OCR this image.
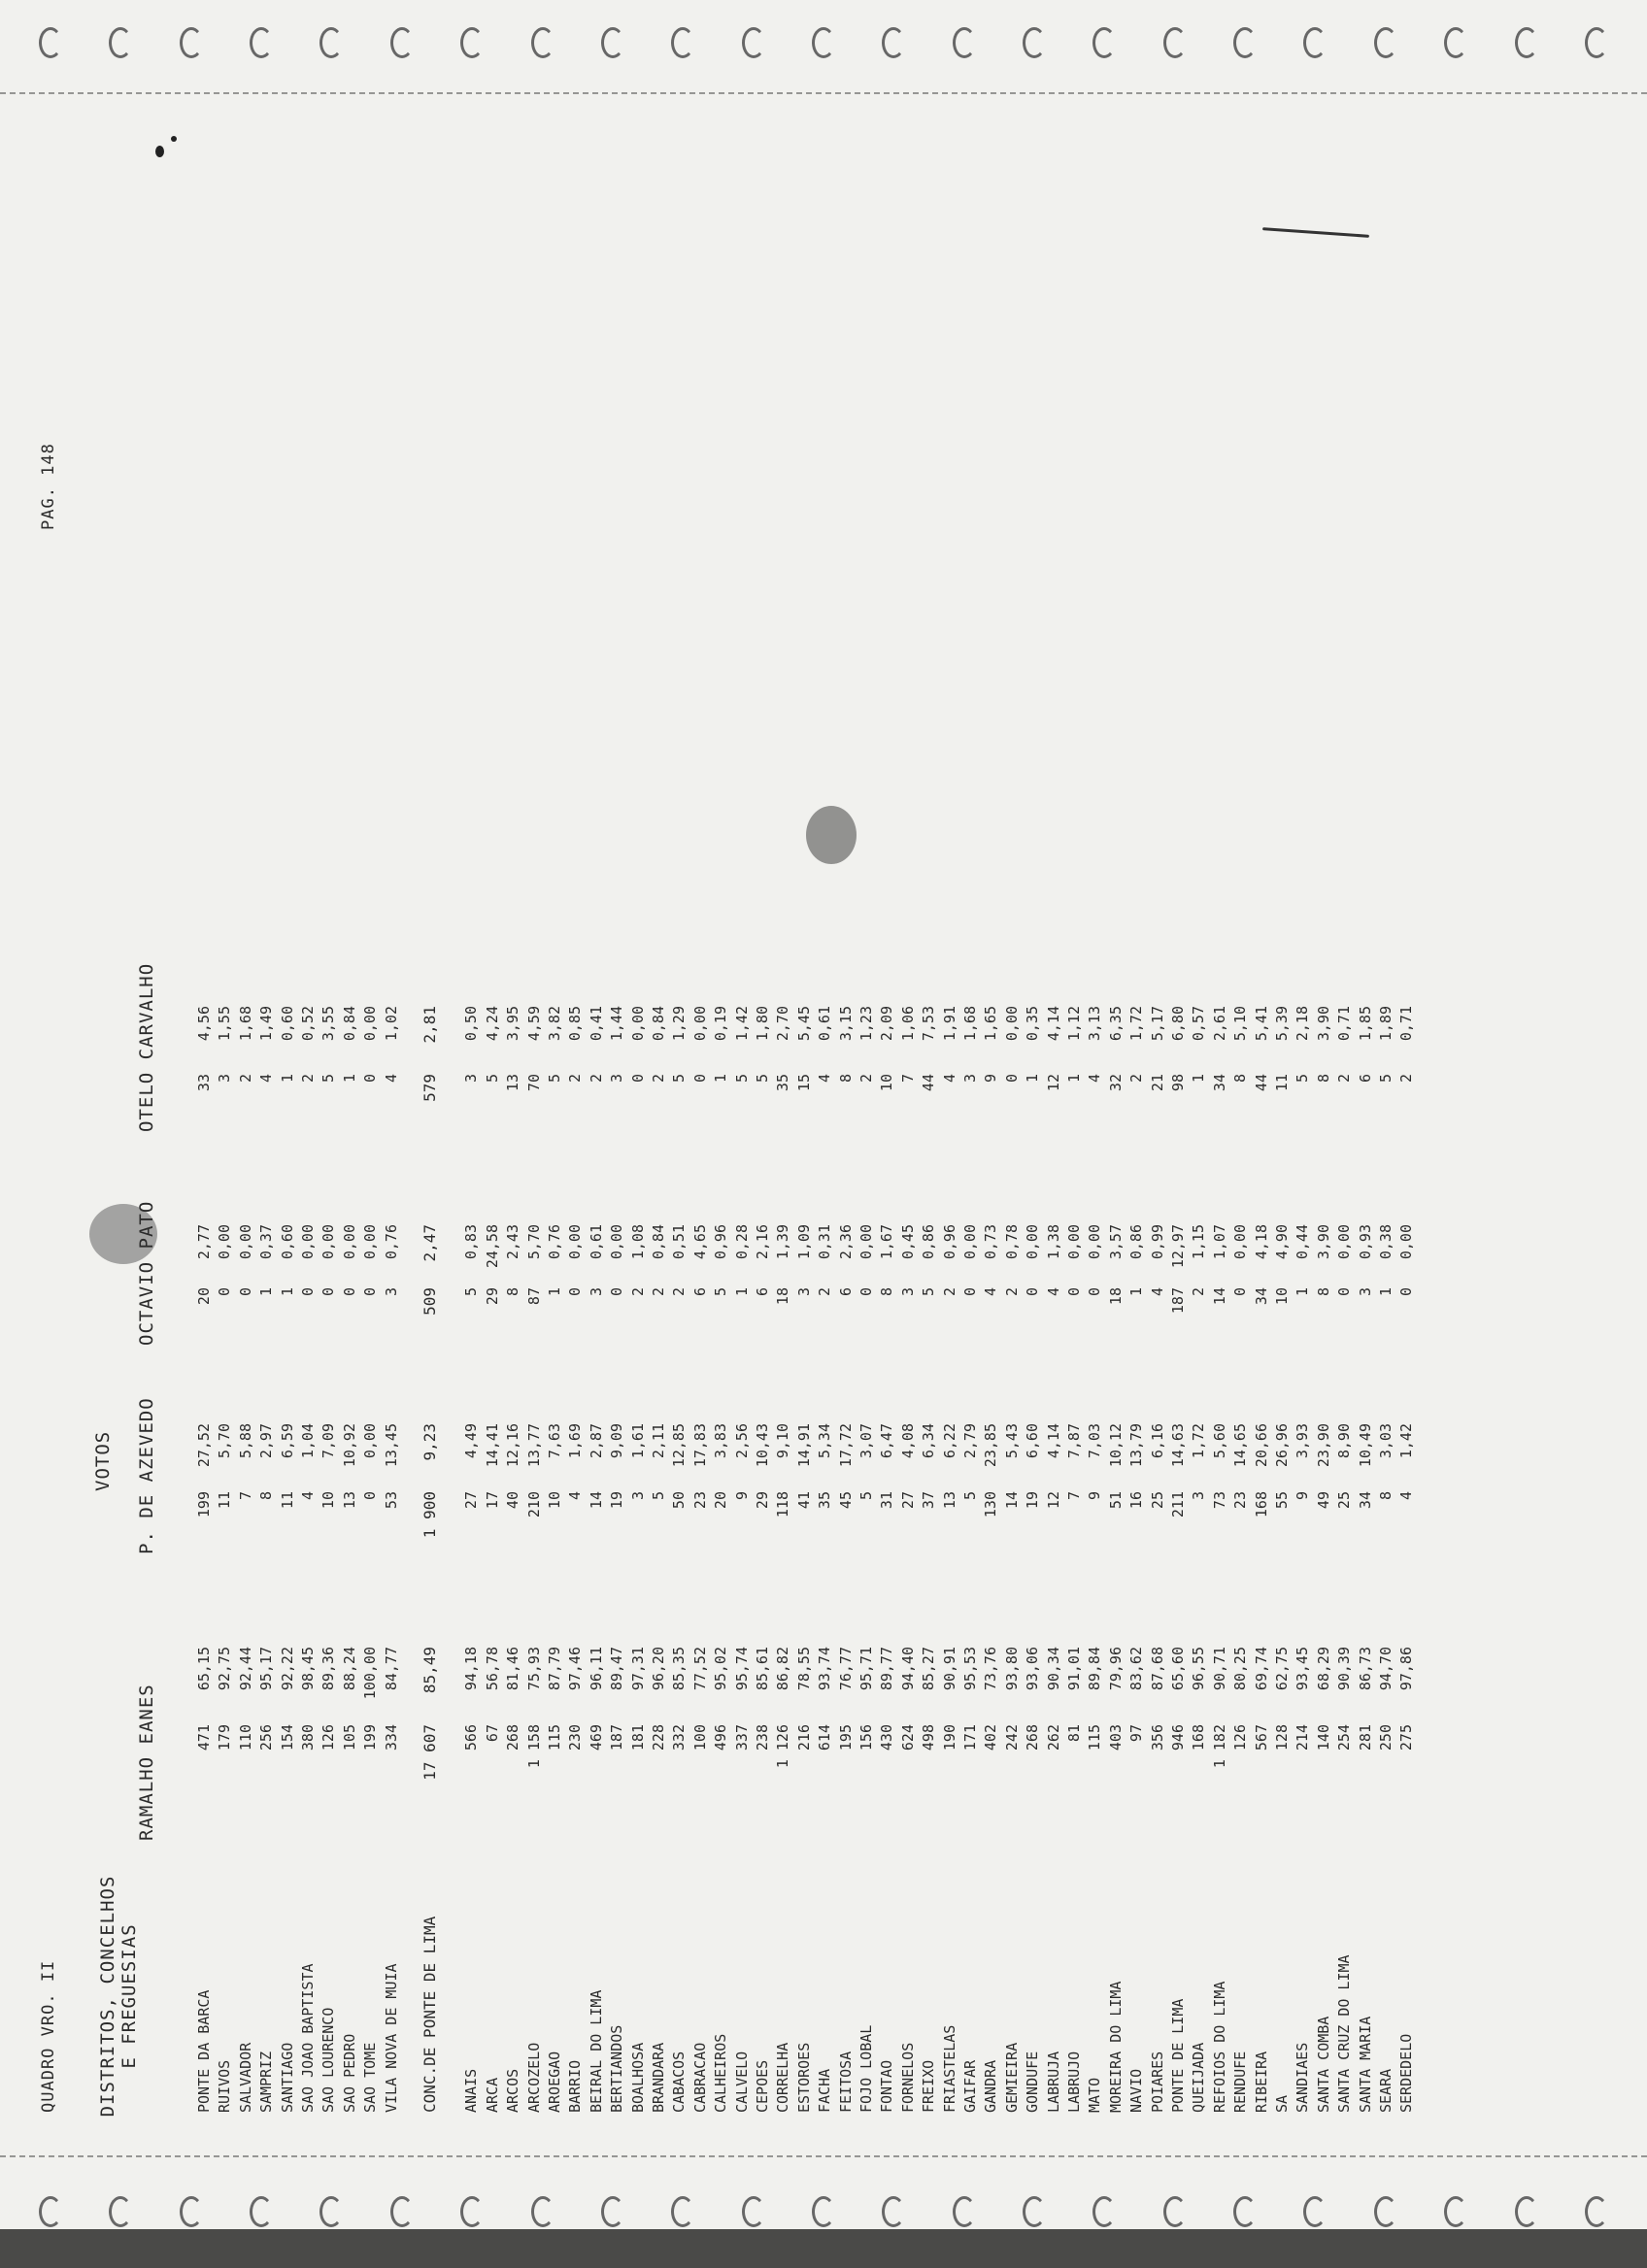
QUADRO VRO. II
PAG. 148
DISTRITOS, CONCELHOS E FREGUESIAS
VOTOS
RAMALHO EANES
P. DE AZEVEDO
OCTAVIO PATO
OTELO CARVALHO
PONTE DA BARCA
471
65,15
199
27,52
20
2,77
33
4,56
RUIVOS
179
92,75
11
5,70
0
0,00
3
1,55
SALVADOR
110
92,44
7
5,88
0
0,00
2
1,68
SAMPRIZ
256
95,17
8
2,97
1
0,37
4
1,49
SANTIAGO
154
92,22
11
6,59
1
0,60
1
0,60
SAO JOAO BAPTISTA
380
98,45
4
1,04
0
0,00
2
0,52
SAO LOURENCO
126
89,36
10
7,09
0
0,00
5
3,55
SAO PEDRO
105
88,24
13
10,92
0
0,00
1
0,84
SAO TOME
199
100,00
0
0,00
0
0,00
0
0,00
VILA NOVA DE MUIA
334
84,77
53
13,45
3
0,76
4
1,02
CONC.DE PONTE DE LIMA
17 607
85,49
1 900
9,23
509
2,47
579
2,81
ANAIS
566
94,18
27
4,49
5
0,83
3
0,50
ARCA
67
56,78
17
14,41
29
24,58
5
4,24
ARCOS
268
81,46
40
12,16
8
2,43
13
3,95
ARCOZELO
1 158
75,93
210
13,77
87
5,70
70
4,59
AROEGAO
115
87,79
10
7,63
1
0,76
5
3,82
BARRIO
230
97,46
4
1,69
0
0,00
2
0,85
BEIRAL DO LIMA
469
96,11
14
2,87
3
0,61
2
0,41
BERTIANDOS
187
89,47
19
9,09
0
0,00
3
1,44
BOALHOSA
181
97,31
3
1,61
2
1,08
0
0,00
BRANDARA
228
96,20
5
2,11
2
0,84
2
0,84
CABACOS
332
85,35
50
12,85
2
0,51
5
1,29
CABRACAO
100
77,52
23
17,83
6
4,65
0
0,00
CALHEIROS
496
95,02
20
3,83
5
0,96
1
0,19
CALVELO
337
95,74
9
2,56
1
0,28
5
1,42
CEPOES
238
85,61
29
10,43
6
2,16
5
1,80
CORRELHA
1 126
86,82
118
9,10
18
1,39
35
2,70
ESTOROES
216
78,55
41
14,91
3
1,09
15
5,45
FACHA
614
93,74
35
5,34
2
0,31
4
0,61
FEITOSA
195
76,77
45
17,72
6
2,36
8
3,15
FOJO LOBAL
156
95,71
5
3,07
0
0,00
2
1,23
FONTAO
430
89,77
31
6,47
8
1,67
10
2,09
FORNELOS
624
94,40
27
4,08
3
0,45
7
1,06
FREIXO
498
85,27
37
6,34
5
0,86
44
7,53
FRIASTELAS
190
90,91
13
6,22
2
0,96
4
1,91
GAIFAR
171
95,53
5
2,79
0
0,00
3
1,68
GANDRA
402
73,76
130
23,85
4
0,73
9
1,65
GEMIEIRA
242
93,80
14
5,43
2
0,78
0
0,00
GONDUFE
268
93,06
19
6,60
0
0,00
1
0,35
LABRUJA
262
90,34
12
4,14
4
1,38
12
4,14
LABRUJO
81
91,01
7
7,87
0
0,00
1
1,12
MATO
115
89,84
9
7,03
0
0,00
4
3,13
MOREIRA DO LIMA
403
79,96
51
10,12
18
3,57
32
6,35
NAVIO
97
83,62
16
13,79
1
0,86
2
1,72
POIARES
356
87,68
25
6,16
4
0,99
21
5,17
PONTE DE LIMA
946
65,60
211
14,63
187
12,97
98
6,80
QUEIJADA
168
96,55
3
1,72
2
1,15
1
0,57
REFOIOS DO LIMA
1 182
90,71
73
5,60
14
1,07
34
2,61
RENDUFE
126
80,25
23
14,65
0
0,00
8
5,10
RIBEIRA
567
69,74
168
20,66
34
4,18
44
5,41
SA
128
62,75
55
26,96
10
4,90
11
5,39
SANDIAES
214
93,45
9
3,93
1
0,44
5
2,18
SANTA COMBA
140
68,29
49
23,90
8
3,90
8
3,90
SANTA CRUZ DO LIMA
254
90,39
25
8,90
0
0,00
2
0,71
SANTA MARIA
281
86,73
34
10,49
3
0,93
6
1,85
SEARA
250
94,70
8
3,03
1
0,38
5
1,89
SERDEDELO
275
97,86
4
1,42
0
0,00
2
0,71
